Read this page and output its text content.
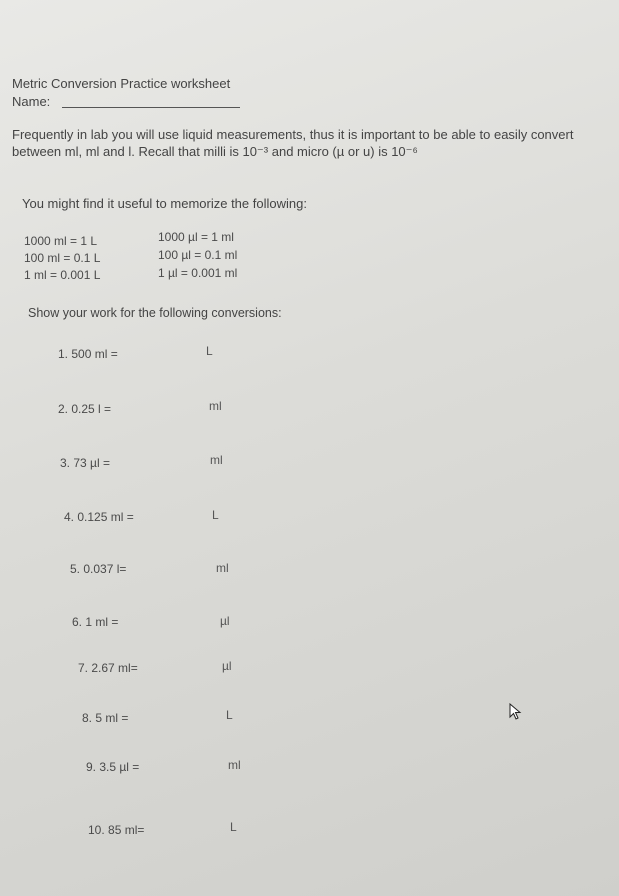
Metric Conversion Practice worksheet
Name:
Frequently in lab you will use liquid measurements, thus it is important to be able to easily convert between ml, ml and l. Recall that milli is 10⁻³ and micro (µ or u) is 10⁻⁶
You might find it useful to memorize the following:
1000 ml = 1 L
100 ml = 0.1 L
1 ml = 0.001 L
1000 µl = 1 ml
100 µl = 0.1 ml
1 µl = 0.001 ml
Show your work for the following conversions:
1. 500 ml =	L
2. 0.25 l =	ml
3. 73 µl =	ml
4. 0.125 ml =	L
5. 0.037 l=	ml
6. 1 ml =	µl
7. 2.67 ml=	µl
8. 5 ml =	L
9. 3.5 µl =	ml
10. 85 ml=	L
